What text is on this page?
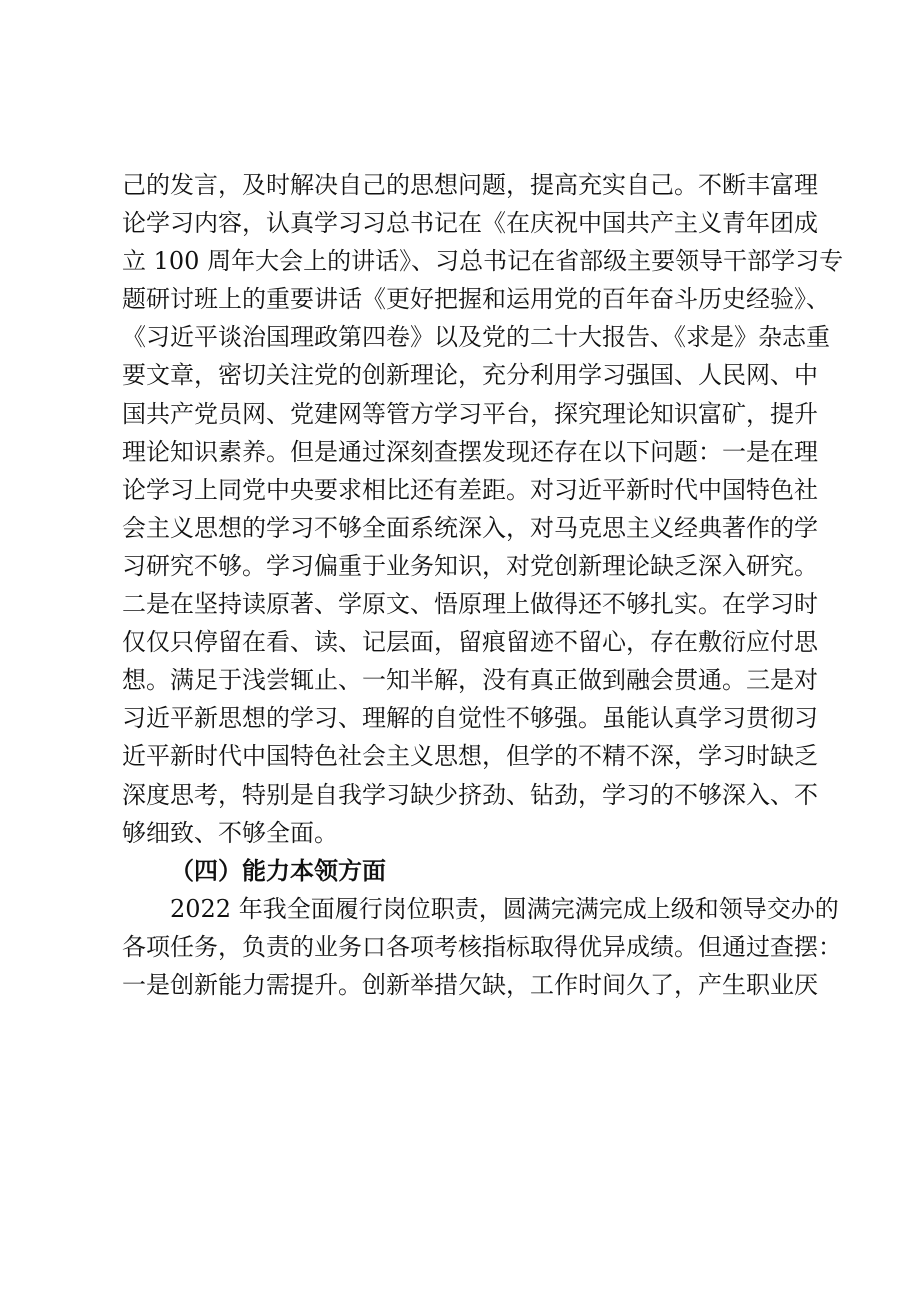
己的发言，及时解决自己的思想问题，提高充实自己。不断丰富理
论学习内容，认真学习习总书记在《在庆祝中国共产主义青年团成
立 100 周年大会上的讲话》、习总书记在省部级主要领导干部学习专
题研讨班上的重要讲话《更好把握和运用党的百年奋斗历史经验》、
《习近平谈治国理政第四卷》以及党的二十大报告、《求是》杂志重
要文章，密切关注党的创新理论，充分利用学习强国、人民网、中
国共产党员网、党建网等管方学习平台，探究理论知识富矿，提升
理论知识素养。但是通过深刻查摆发现还存在以下问题：一是在理
论学习上同党中央要求相比还有差距。对习近平新时代中国特色社
会主义思想的学习不够全面系统深入，对马克思主义经典著作的学
习研究不够。学习偏重于业务知识，对党创新理论缺乏深入研究。
二是在坚持读原著、学原文、悟原理上做得还不够扎实。在学习时
仅仅只停留在看、读、记层面，留痕留迹不留心，存在敷衍应付思
想。满足于浅尝辄止、一知半解，没有真正做到融会贯通。三是对
习近平新思想的学习、理解的自觉性不够强。虽能认真学习贯彻习
近平新时代中国特色社会主义思想，但学的不精不深，学习时缺乏
深度思考，特别是自我学习缺少挤劲、钻劲，学习的不够深入、不
够细致、不够全面。
（四）能力本领方面
2022 年我全面履行岗位职责，圆满完满完成上级和领导交办的
各项任务，负责的业务口各项考核指标取得优异成绩。但通过查摆：
一是创新能力需提升。创新举措欠缺，工作时间久了，产生职业厌
